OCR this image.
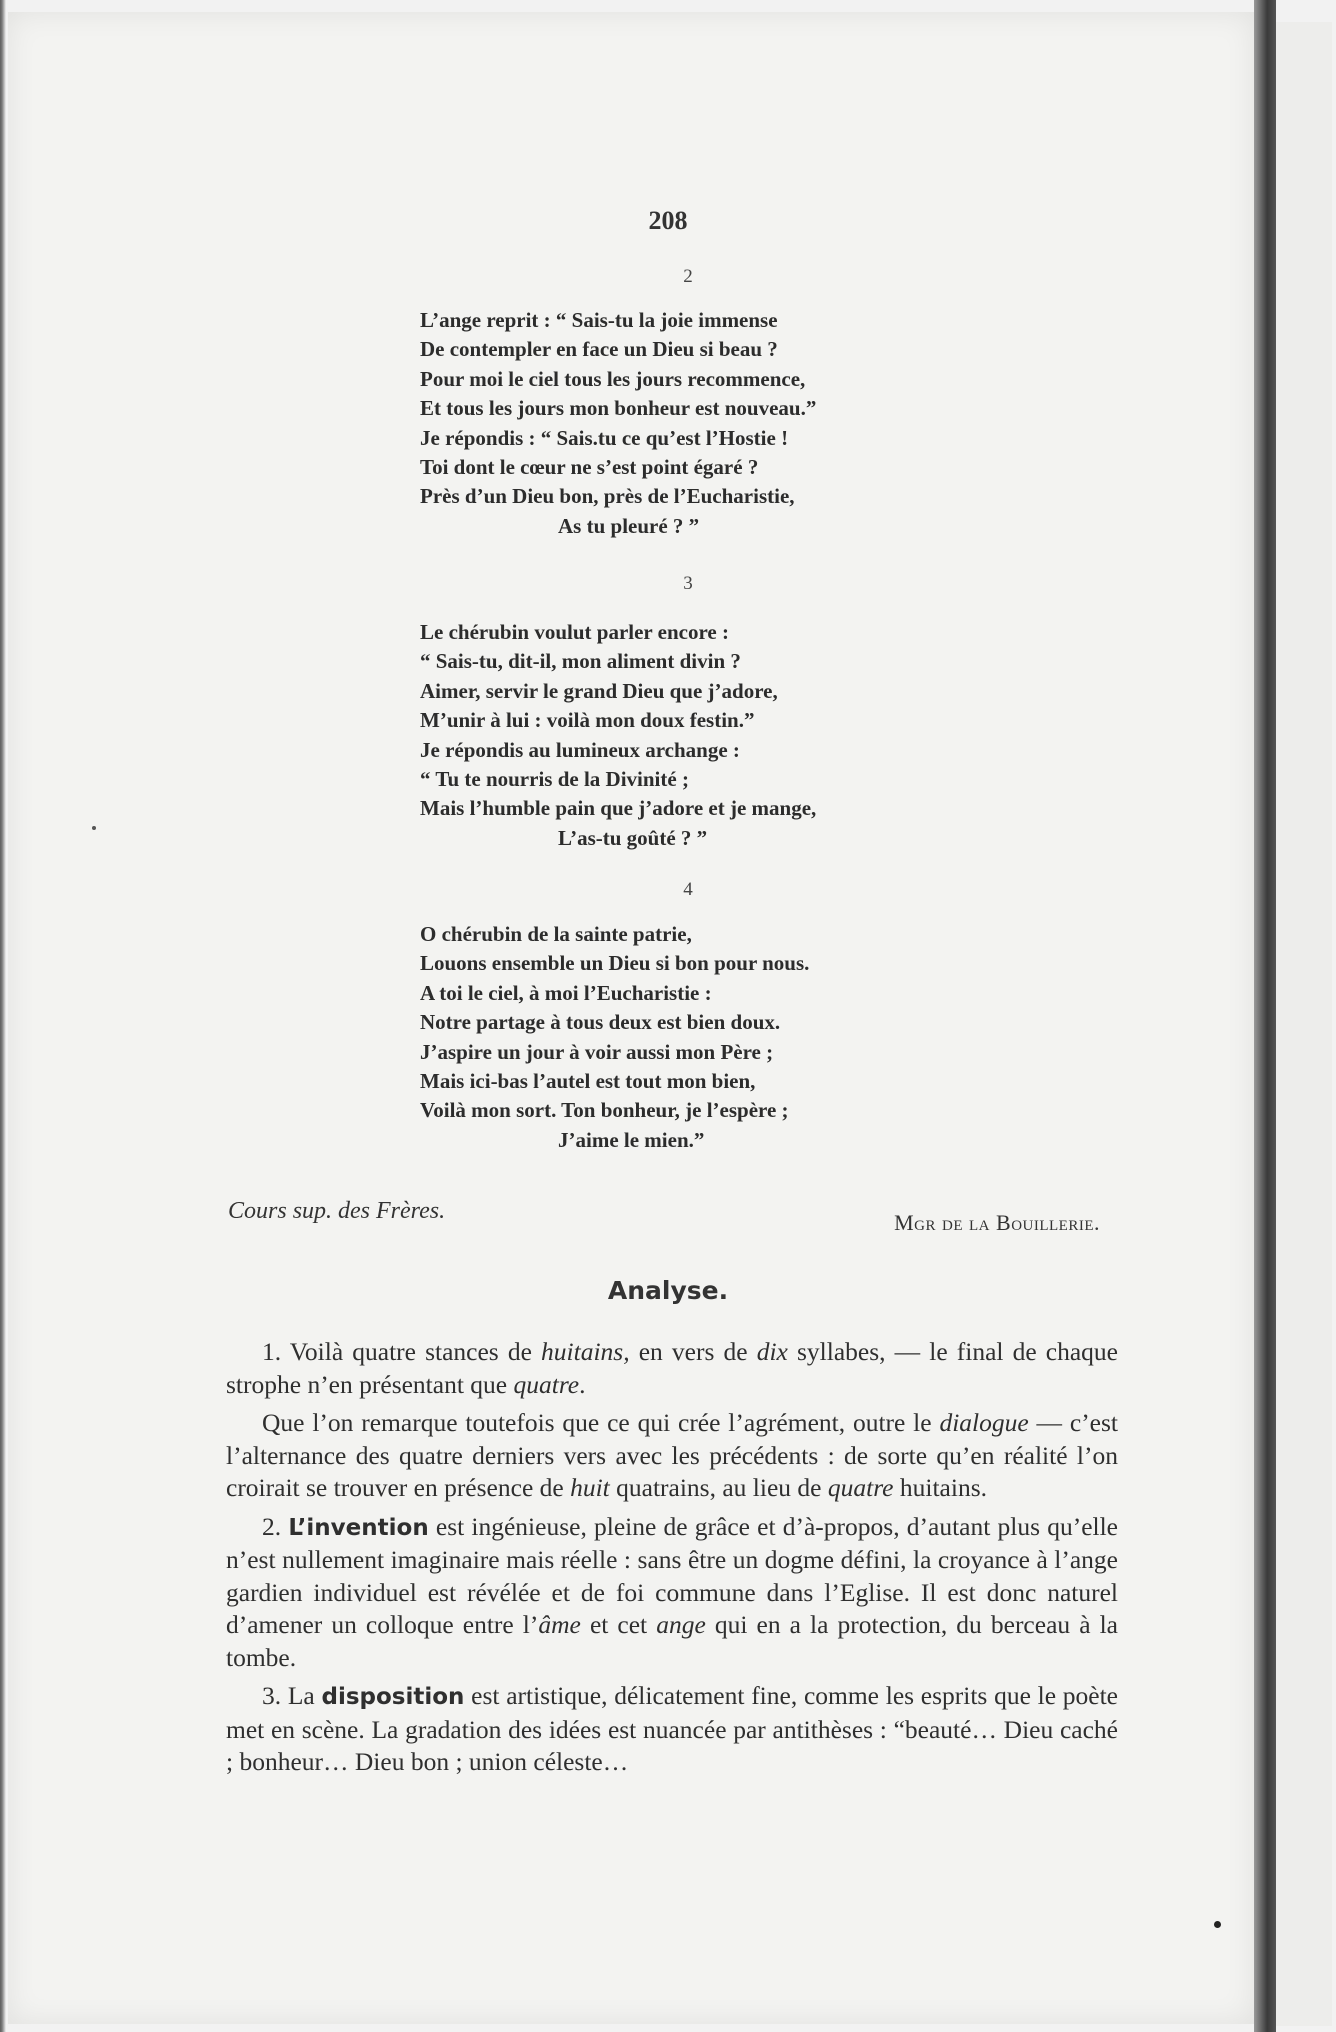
208
2
L’ange reprit : “ Sais-tu la joie immense
De contempler en face un Dieu si beau ?
Pour moi le ciel tous les jours recommence,
Et tous les jours mon bonheur est nouveau.”
Je répondis : “ Sais.tu ce qu’est l’Hostie !
Toi dont le cœur ne s’est point égaré ?
Près d’un Dieu bon, près de l’Eucharistie,
As tu pleuré ? ”
3
Le chérubin voulut parler encore :
“ Sais-tu, dit-il, mon aliment divin ?
Aimer, servir le grand Dieu que j’adore,
M’unir à lui : voilà mon doux festin.”
Je répondis au lumineux archange :
“ Tu te nourris de la Divinité ;
Mais l’humble pain que j’adore et je mange,
L’as-tu goûté ? ”
4
O chérubin de la sainte patrie,
Louons ensemble un Dieu si bon pour nous.
A toi le ciel, à moi l’Eucharistie :
Notre partage à tous deux est bien doux.
J’aspire un jour à voir aussi mon Père ;
Mais ici-bas l’autel est tout mon bien,
Voilà mon sort. Ton bonheur, je l’espère ;
J’aime le mien.”
Cours sup. des Frères.	Mgr de la Bouillerie.
Analyse.

1. Voilà quatre stances de huitains, en vers de dix syllabes, — le final de chaque strophe n’en présentant que quatre.

Que l’on remarque toutefois que ce qui crée l’agrément, outre le dialogue — c’est l’alternance des quatre derniers vers avec les précédents : de sorte qu’en réalité l’on croirait se trouver en présence de huit quatrains, au lieu de quatre huitains.

2. L’invention est ingénieuse, pleine de grâce et d’à-propos, d’autant plus qu’elle n’est nullement imaginaire mais réelle : sans être un dogme défini, la croyance à l’ange gardien individuel est révélée et de foi commune dans l’Eglise. Il est donc naturel d’amener un colloque entre l’âme et cet ange qui en a la protection, du berceau à la tombe.

3. La disposition est artistique, délicatement fine, comme les esprits que le poète met en scène. La gradation des idées est nuancée par antithèses : “beauté… Dieu caché ; bonheur… Dieu bon ; union céleste…
